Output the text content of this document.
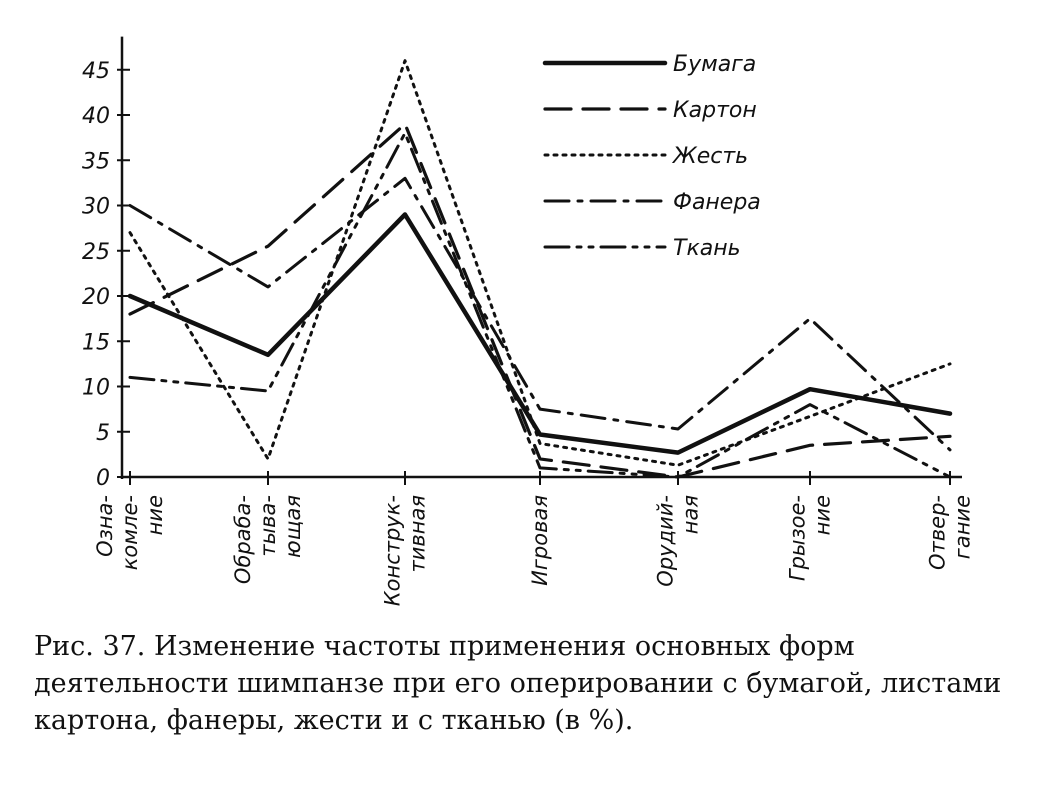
0
5
10
15
20
25
30
35
40
45
Озна- комле- ние	Обраба- тыва- ющая	Конструк- тивная	Игровая	Орудий- ная	Грызое- ние	Отвер- гание
Бумага
Картон
Жесть
Фанера
Ткань

Рис. 37. Изменение частоты применения основных форм деятельности шимпанзе при его оперировании с бумагой, листами картона, фанеры, жести и с тканью (в %).
